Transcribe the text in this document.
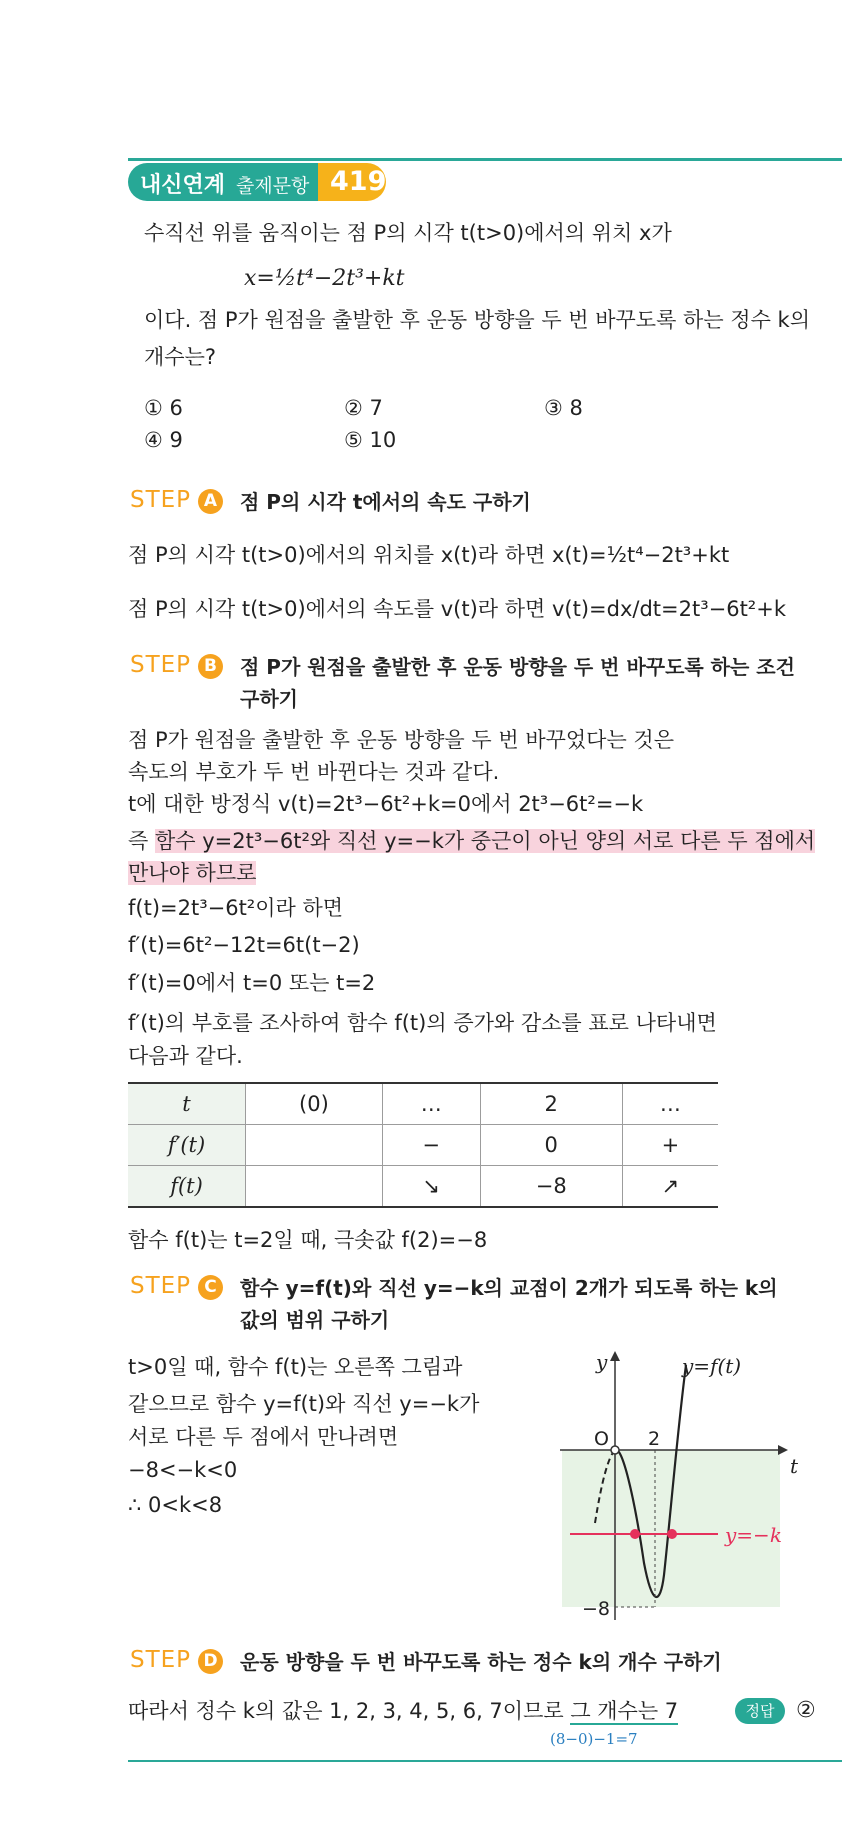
내신연계 출제문항 419
수직선 위를 움직이는 점 P의 시각 t(t>0)에서의 위치 x가
x=½t⁴−2t³+kt
이다. 점 P가 원점을 출발한 후 운동 방향을 두 번 바꾸도록 하는 정수 k의
개수는?
① 6	② 7	③ 8
④ 9	⑤ 10
STEP A 점 P의 시각 t에서의 속도 구하기
점 P의 시각 t(t>0)에서의 위치를 x(t)라 하면 x(t)=½t⁴−2t³+kt
점 P의 시각 t(t>0)에서의 속도를 v(t)라 하면 v(t)=dx/dt=2t³−6t²+k
STEP B	점 P가 원점을 출발한 후 운동 방향을 두 번 바꾸도록 하는 조건
구하기
점 P가 원점을 출발한 후 운동 방향을 두 번 바꾸었다는 것은
속도의 부호가 두 번 바뀐다는 것과 같다.
t에 대한 방정식 v(t)=2t³−6t²+k=0에서 2t³−6t²=−k
즉 함수 y=2t³−6t²와 직선 y=−k가 중근이 아닌 양의 서로 다른 두 점에서
만나야 하므로
f(t)=2t³−6t²이라 하면
f′(t)=6t²−12t=6t(t−2)
f′(t)=0에서 t=0 또는 t=2
f′(t)의 부호를 조사하여 함수 f(t)의 증가와 감소를 표로 나타내면
다음과 같다.
t	(0)	…	2	…
f′(t)		−	0	+
f(t)		↘	−8	↗
함수 f(t)는 t=2일 때, 극솟값 f(2)=−8
STEP C	함수 y=f(t)와 직선 y=−k의 교점이 2개가 되도록 하는 k의
값의 범위 구하기
t>0일 때, 함수 f(t)는 오른쪽 그림과
같으므로 함수 y=f(t)와 직선 y=−k가
서로 다른 두 점에서 만나려면
−8<−k<0
∴ 0<k<8
y
t
O 2
−8
y=f(t)
y=−k
STEP D 운동 방향을 두 번 바꾸도록 하는 정수 k의 개수 구하기
따라서 정수 k의 값은 1, 2, 3, 4, 5, 6, 7이므로 그 개수는 7
(8−0)−1=7
정답 ②
